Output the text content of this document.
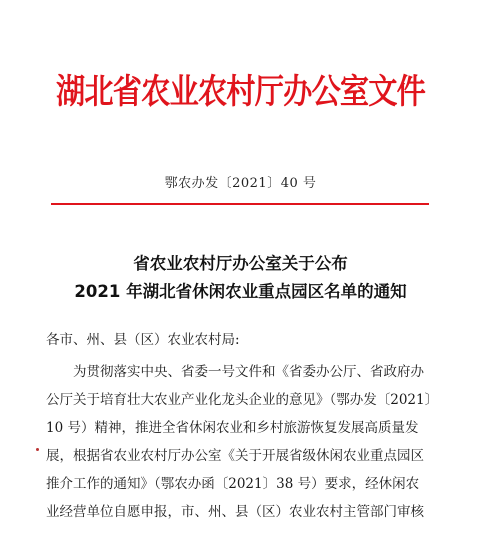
湖北省农业农村厅办公室文件
鄂农办发〔2021〕40 号
省农业农村厅办公室关于公布
2021 年湖北省休闲农业重点园区名单的通知
各市、州、县（区）农业农村局:
为贯彻落实中央、省委一号文件和《省委办公厅、省政府办
公厅关于培育壮大农业产业化龙头企业的意见》（鄂办发〔2021〕
10 号）精神，推进全省休闲农业和乡村旅游恢复发展高质量发
展，根据省农业农村厅办公室《关于开展省级休闲农业重点园区
推介工作的通知》（鄂农办函〔2021〕38 号）要求，经休闲农
业经营单位自愿申报，市、州、县（区）农业农村主管部门审核
